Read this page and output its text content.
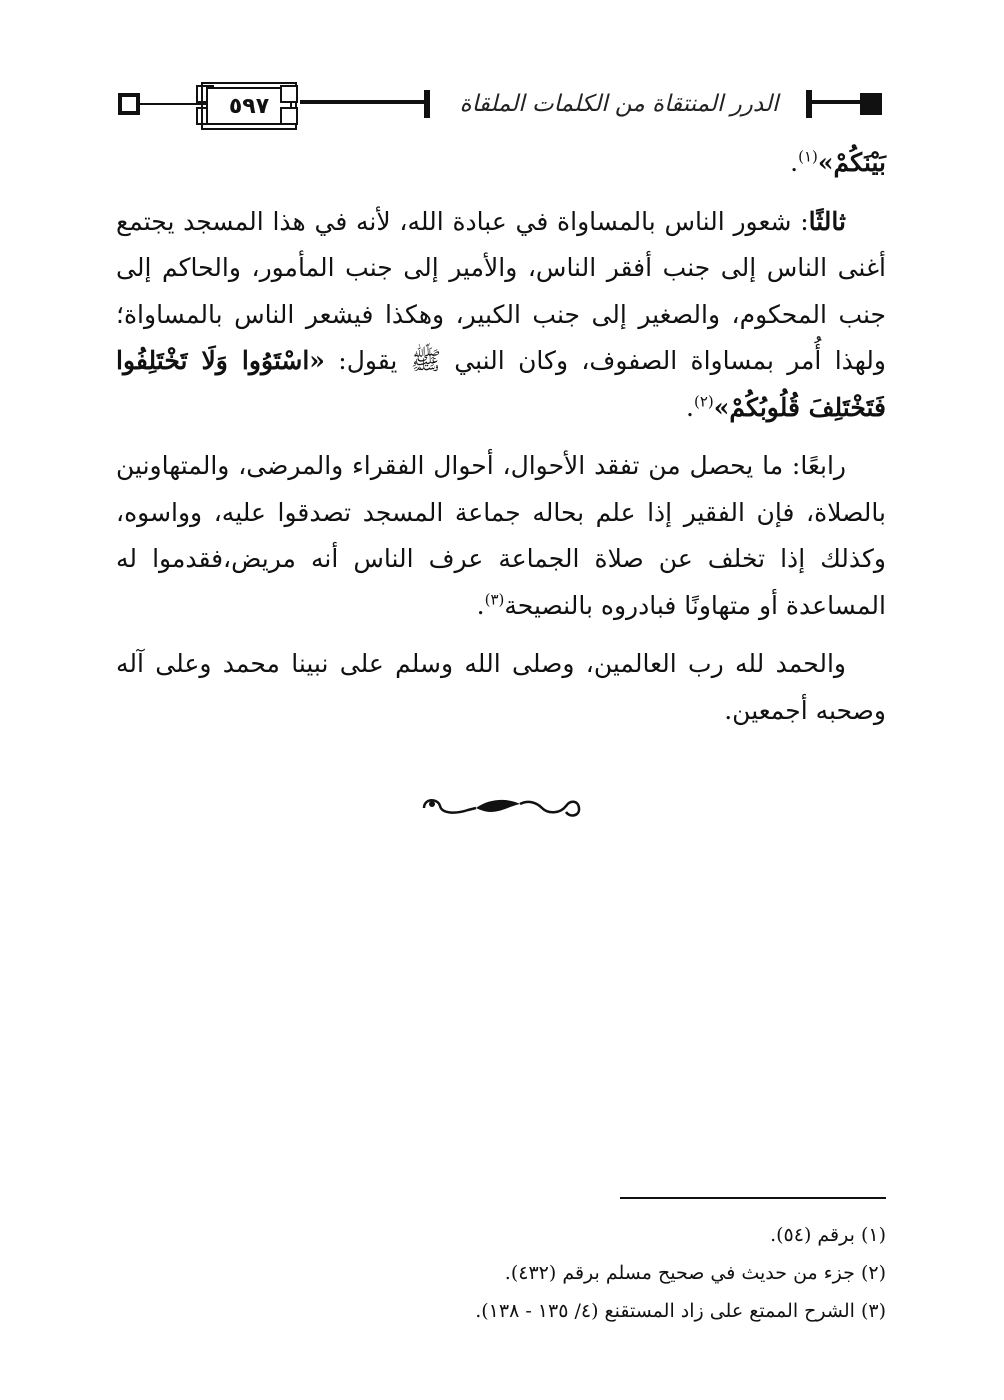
٥٩٧	الدرر المنتقاة من الكلمات الملقاة

بَيْنَكُمْ»$^{(١)}$.

ثالثًا: شعور الناس بالمساواة في عبادة الله، لأنه في هذا المسجد يجتمع أغنى الناس إلى جنب أفقر الناس، والأمير إلى جنب المأمور، والحاكم إلى جنب المحكوم، والصغير إلى جنب الكبير، وهكذا فيشعر الناس بالمساواة؛ ولهذا أُمر بمساواة الصفوف، وكان النبي ﷺ يقول: «اسْتَوُوا وَلَا تَخْتَلِفُوا فَتَخْتَلِفَ قُلُوبُكُمْ»$^{(٢)}$.

رابعًا: ما يحصل من تفقد الأحوال، أحوال الفقراء والمرضى، والمتهاونين بالصلاة، فإن الفقير إذا علم بحاله جماعة المسجد تصدقوا عليه، وواسوه، وكذلك إذا تخلف عن صلاة الجماعة عرف الناس أنه مريض،فقدموا له المساعدة أو متهاونًا فبادروه بالنصيحة$^{(٣)}$.

والحمد لله رب العالمين، وصلى الله وسلم على نبينا محمد وعلى آله وصحبه أجمعين.

(١) برقم (٥٤).
(٢) جزء من حديث في صحيح مسلم برقم (٤٣٢).
(٣) الشرح الممتع على زاد المستقنع (٤/ ١٣٥ - ١٣٨).
